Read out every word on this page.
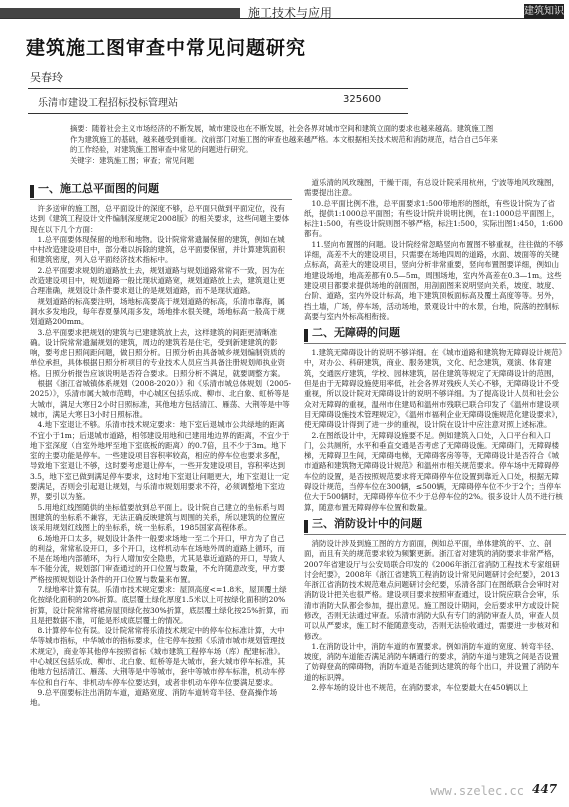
施工技术与应用	建筑知识
建筑施工图审查中常见问题研究
吴春玲
乐清市建设工程招标投标管理站	325600

摘要：随着社会主义市场经济的不断发展，城市建设也在不断发展，社会各界对城市空间和建筑立面的要求也越来越高。建筑施工图作为建筑施工的基础，越来越受到重视。汶前部门对施工图的审查也越来越严格。本文根据相关技术规范和消防规范，结合自己5年来的工作经验，对建筑施工图审查中常见的问题进行研究。

关键字：建筑施工图；审查；常见问题

一、施工总平面图的问题

许多送审的施工图，总平面设计的深度不够，总平面只做到平面定位，没有达到《建筑工程设计文件编制深度规定2008版》的相关要求，这些问题主要体现在以下几个方面：

1.总平面要体现保留的地形和地物。设计院常常遗漏保留的建筑，例如在城中村改造建设项目中，部分难以拆除的建筑，总平面要保留，并计算建筑面积和建筑密度，列入总平面经济技术指标中。

2.总平面要求规划的道路放土去，规划道路与规划道路常常不一致，因为在改造建设项目中，规划道路一般比现状道路宽，规划道路放上去，建筑退让更合理准确，规划设计条件要求退让的是规划道路，而不是现状道路。

规划道路的标高要注明，场地标高要高于规划道路的标高，乐清市靠海，属洞水多发地段，每年春夏暴风雨多发，场地排水很关键，场地标高一般高于规划道路200mm。

3.总平面要求把规划的建筑与已建建筑放上去，这样建筑的间距更清晰准确。设计院常常遗漏规划的建筑，周边的建筑若是住宅，受到新建建筑的影响，要考虑日照间距问题，做日照分析。日照分析由具备城乡规划编制资质的单位承担，具体根据日照分析项目的专业技术人员应当具备注册规划师执业资格。日照分析报告应该说明是否符合要求。日照分析不满足，就要调整方案。

根据《浙江省城镇体系规划（2008-2020）》和《乐清市城总体规划（2005-2025）》，乐清市属大城市范畴，中心城区包括乐成、柳市、北白象、虹桥等是大城市，满足大寒日2小时日照标准，其他地方包括清江、雁荡、大荆等是中等城市，满足大寒日3小时日照标准。

4.地下室退让不够。乐清市技术规定要求：地下室后退城市公共绿地的距离不宜小于1m；后退城市道路，相邻建设用地和已建用地边界的距离，不宜少于地下室深度（自室外地坪至地下室底板的距离）的0.7倍，且不少于3m。地下室的主要功能是停车。一些建设项目容积率较高，相应的停车位也要求多配，导致地下室退让不够，这时要考虑退让停车，一些开发建设项目，容积率达到3.5，地下室已做到满足停车要求，这时地下室退让问题更大，地下室退让一定要满足，否则会引起退让规划，与乐清市规划用要求不符，必须调整地下室边界，要引以为鉴。

5.用地红线图随供的坐标值要放到总平面上。设计院自己建立的坐标系与周围建筑的坐标系不兼容，无法正确反映建筑与周围的关系，所以建筑的位置应该采用规划红线图上的坐标系，统一坐标系，1985国家高程体系。

6.场地开口太多，规划设计条件一般要求场地一至二个开口，甲方为了自己的利益，常常私设开口，多个开口，这样机动车在场地外周的道路上循环，而不是在场地内部循环，为行人增加安全隐患，尤其是靠近道路的开口，导致人车不能分流，规划部门审查通过的开口位置与数量，不允许随意改变，甲方要严格按照规划设计条件的开口位置与数量来布置。

7.绿地率计算有误。乐清市技术规定要求：屋顶高度<=1.8米，屋顶覆土绿化按绿化面积的20%折算。底层覆土绿化厚度1.5米以上可按绿化面积的20%折算，设计院常常将裙房屋顶绿化按30%折算，底层覆土绿化按25%折算，而且是把数据不准，可能是形成底层覆土的情况。

8.计算停车位有误。设计院常常将乐清技术规定中的停车位标准计算，大中华等城市指标，中华城市的指标要求，住宅停车按照《乐清市城市规划管理技术规定》，商业等其他停车按照省标《城市建筑工程停车场（库）配建标准》。中心城区包括乐成、柳市、北白象、虹桥等是大城市，套大城市停车标准，其他地方包括清江、雁荡、大荆等是中等城市，套中等城市停车标准，机动车停车位和自行车、非机动车停车位要达到，或者非机动车停车位要满足要求。

9.总平面要标注出消防车道，道路宽度、消防车道转弯半径、登高操作场地。

道乐清的风玫瑰图，干燥干雨，有总设计院采用杭州，宁波等地风玫瑰图，需要提出注意。

10.总平面比例不准，总平面要求1:500带地形的图纸，有些设计院为了省纸，提供1:1000总平面图；有些设计院并说明比例，在1:1000总平面图上，标注1:500，有些设计院则图不够严格，标注1:500，实际出图1:450，1:600都有。

11.竖向布置图的问题。设计院经常忽略竖向布置图不够重视，往往做的不够详细，高差不大的建设项目，只需要在场地四周的道路，水面、坡面等的关键点标高，高差大的建设项目，竖向分析非常重要，竖向布置图要详细，例如山地建设场地，地高差都有0.5—5m，周围场地，室内外高差在0.3—1m。这些建设项目都要求提供场地的剖面图，用剖面图来说明竖向关系，坡度、坡度、台阶、道路，室内外设计标高，地下建筑顶板面标高及覆土高度等等。另外，挡土墙，广场，停车场，活动场地，景观设计中的水景，台地，院落的控制标高要与室内外标高相衔接。

二、无障碍的问题

1.建筑无障碍设计的说明不够详细。在《城市道路和建筑物无障碍设计规范》中，对办公、科研建筑，商业、服务建筑，文化、纪念建筑，观演、体育建筑，交通医疗建筑，学校、园林建筑，居住建筑等规定了无障碍设计的范围，但是由于无障碍设施使用率低，社会各界对残疾人关心不够，无障碍设计不受重视，所以设计院对无障碍设计的说明不够详细。为了提高设计人员和社会公众对无障碍的重视，温州市住建局和温州市残联已联合印发了《温州市建设项目无障碍设施技术管理规定》，《温州市福利企业无障碍设施规范化建设要求》，使无障碍设计得到了进一步的重视，设计院在设计中应注意对照上述标准。

2.在图纸设计中，无障碍设施要不足。例如建筑入口处，入口平台和入口门，公共厕所，水平和垂直交通是否考虑了无障碍设施。无障碍门，无障碍楼梯，无障碍卫生间，无障碍电梯，无障碍客房等等，无障碍设计是否符合《城市道路和建筑物无障碍设计规范》和温州市相关规范要求。停车场中无障碍停车位的设置，是否按照规范要求将无障碍停车位设置到靠近入口处，根据无障碍设计规范，当停车位在300辆，≤500辆，无障碍停车位不少于2个；当停车位大于500辆时，无障碍停车位不少于总停车位的2%。很多设计人员不进行核算，随意布置无障碍停车位置和数量。

三、消防设计中的问题

消防设计涉及到施工图的方方面面，例如总平面，单体建筑的平、立、剖面，而且有关的规范要求较为频繁更新。浙江省对建筑的消防要求非常严格，2007年省建设厅与公安局联合印发的《2006年浙江省消防工程技术专家组研讨会纪要》，2008年《浙江省建筑工程消防设计常见问题研讨会纪要》，2013年浙江省消防技术规范难点问题研讨会纪要，乐清各部门在图纸联合会审时对消防设计把关也很严格。建设项目要求按照审查通过，设计院应联合会审，乐清市消防大队都会参加，提出意见。施工图设计期间，会后要求甲方或设计院修改，否则无法通过审查。乐清市消防大队有专门的消防审查人员，审查人员可以从严要求，施工时不能随意变动，否则无法验收通过，需要进一步核对和修改。

1.在消防设计中，消防车道的布置要求。例如消防车道的宽度、转弯半径、坡度，消防车道能否满足消防车辆通行的要求，消防车道与建筑之间是否设置了妨碍登高的障碍物，消防车道是否能到达建筑的每个出口，并设置了消防车道的标识牌。

2.停车场的设计也不规范，在消防要求，车位要最大在450辆以上

www.szelec.cc 447
